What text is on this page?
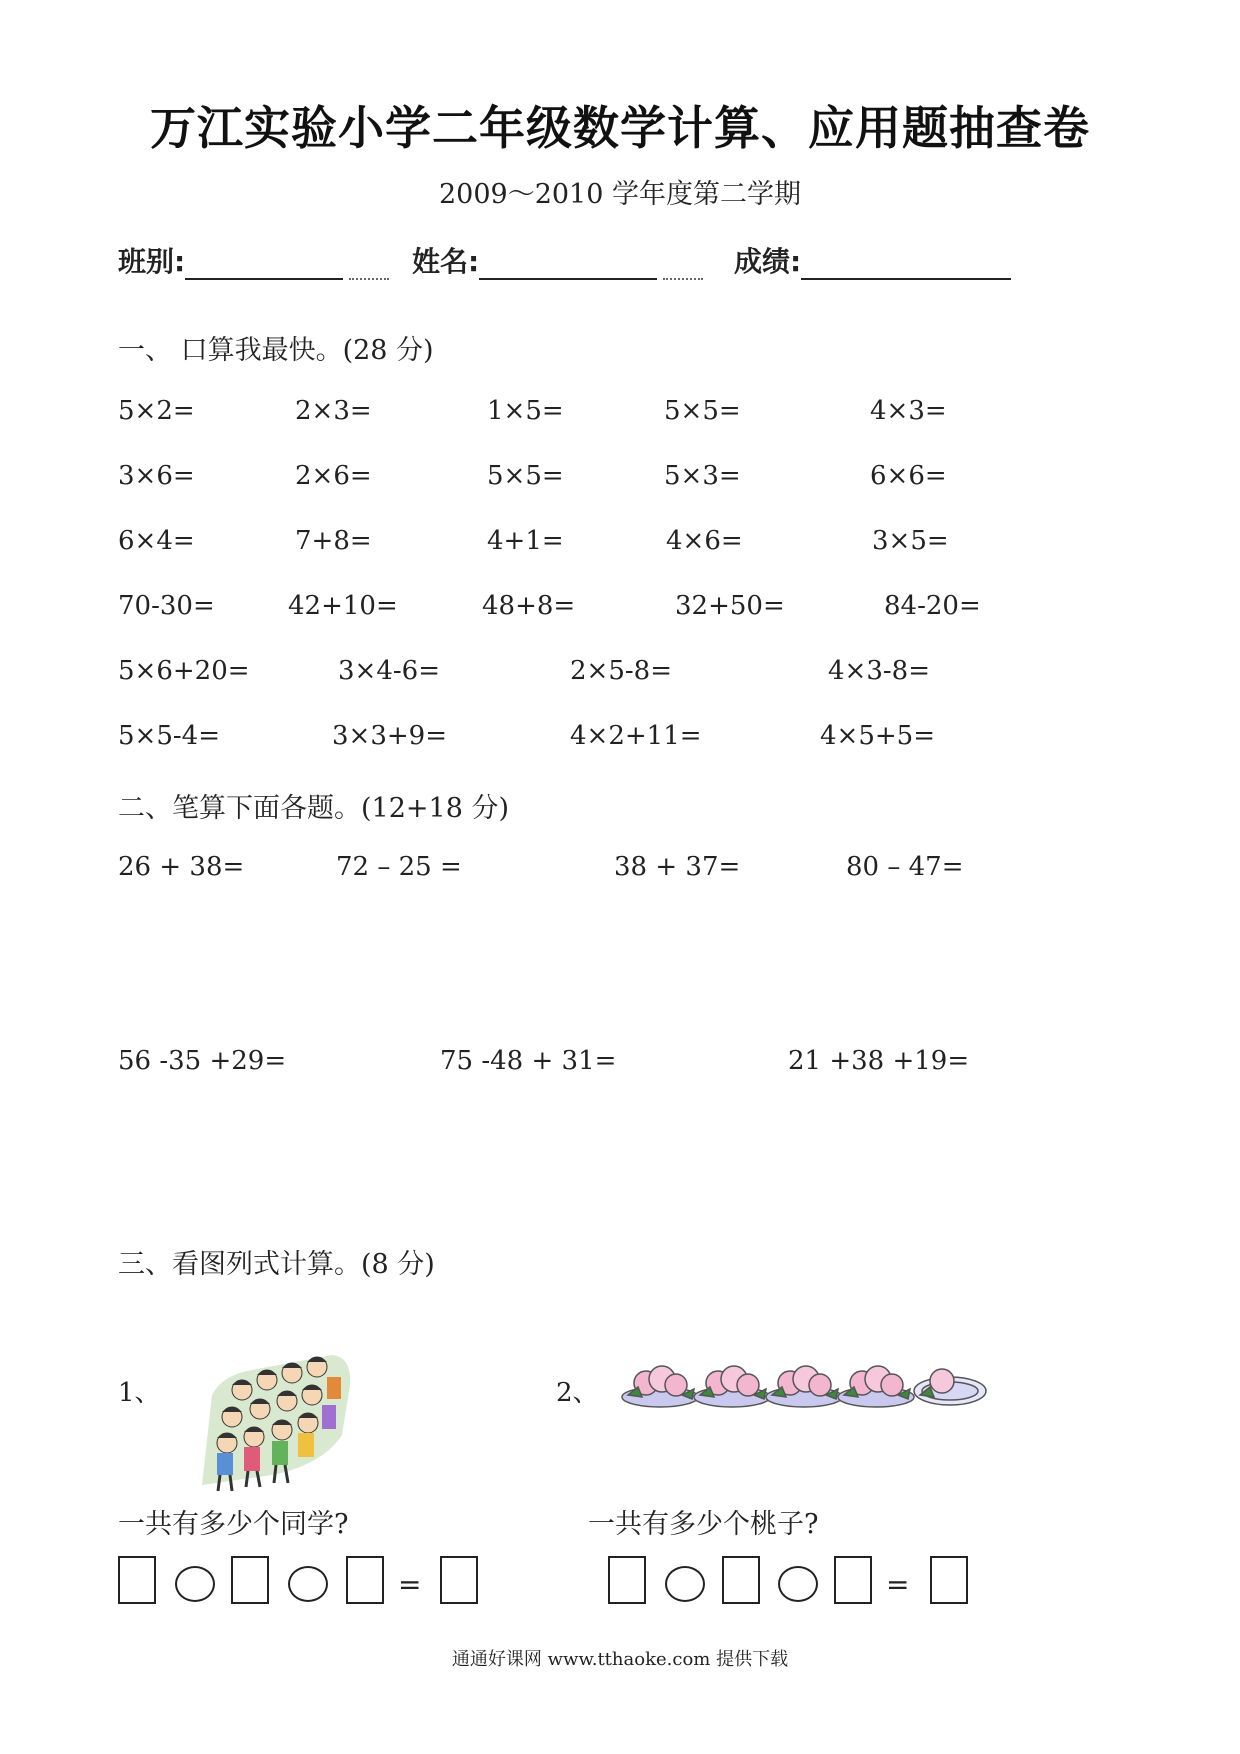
万江实验小学二年级数学计算、应用题抽查卷
2009～2010 学年度第二学期
班别:	姓名:	成绩:
一、 口算我最快。(28 分)
5×2=	2×3=	1×5=	5×5=	4×3=
3×6=	2×6=	5×5=	5×3=	6×6=
6×4=	7+8=	4+1=	4×6=	3×5=
70-30=	42+10=	48+8=	32+50=	84-20=
5×6+20=	3×4-6=	2×5-8=	4×3-8=
5×5-4=	3×3+9=	4×2+11=	4×5+5=
二、笔算下面各题。(12+18 分)
26 + 38=	72 – 25 =	38 + 37=	80 – 47=
56 -35 +29=	75 -48 + 31=	21 +38 +19=
三、看图列式计算。(8 分)
1、
一共有多少个同学?
=
2、
一共有多少个桃子?
=
通通好课网 www.tthaoke.com 提供下载
